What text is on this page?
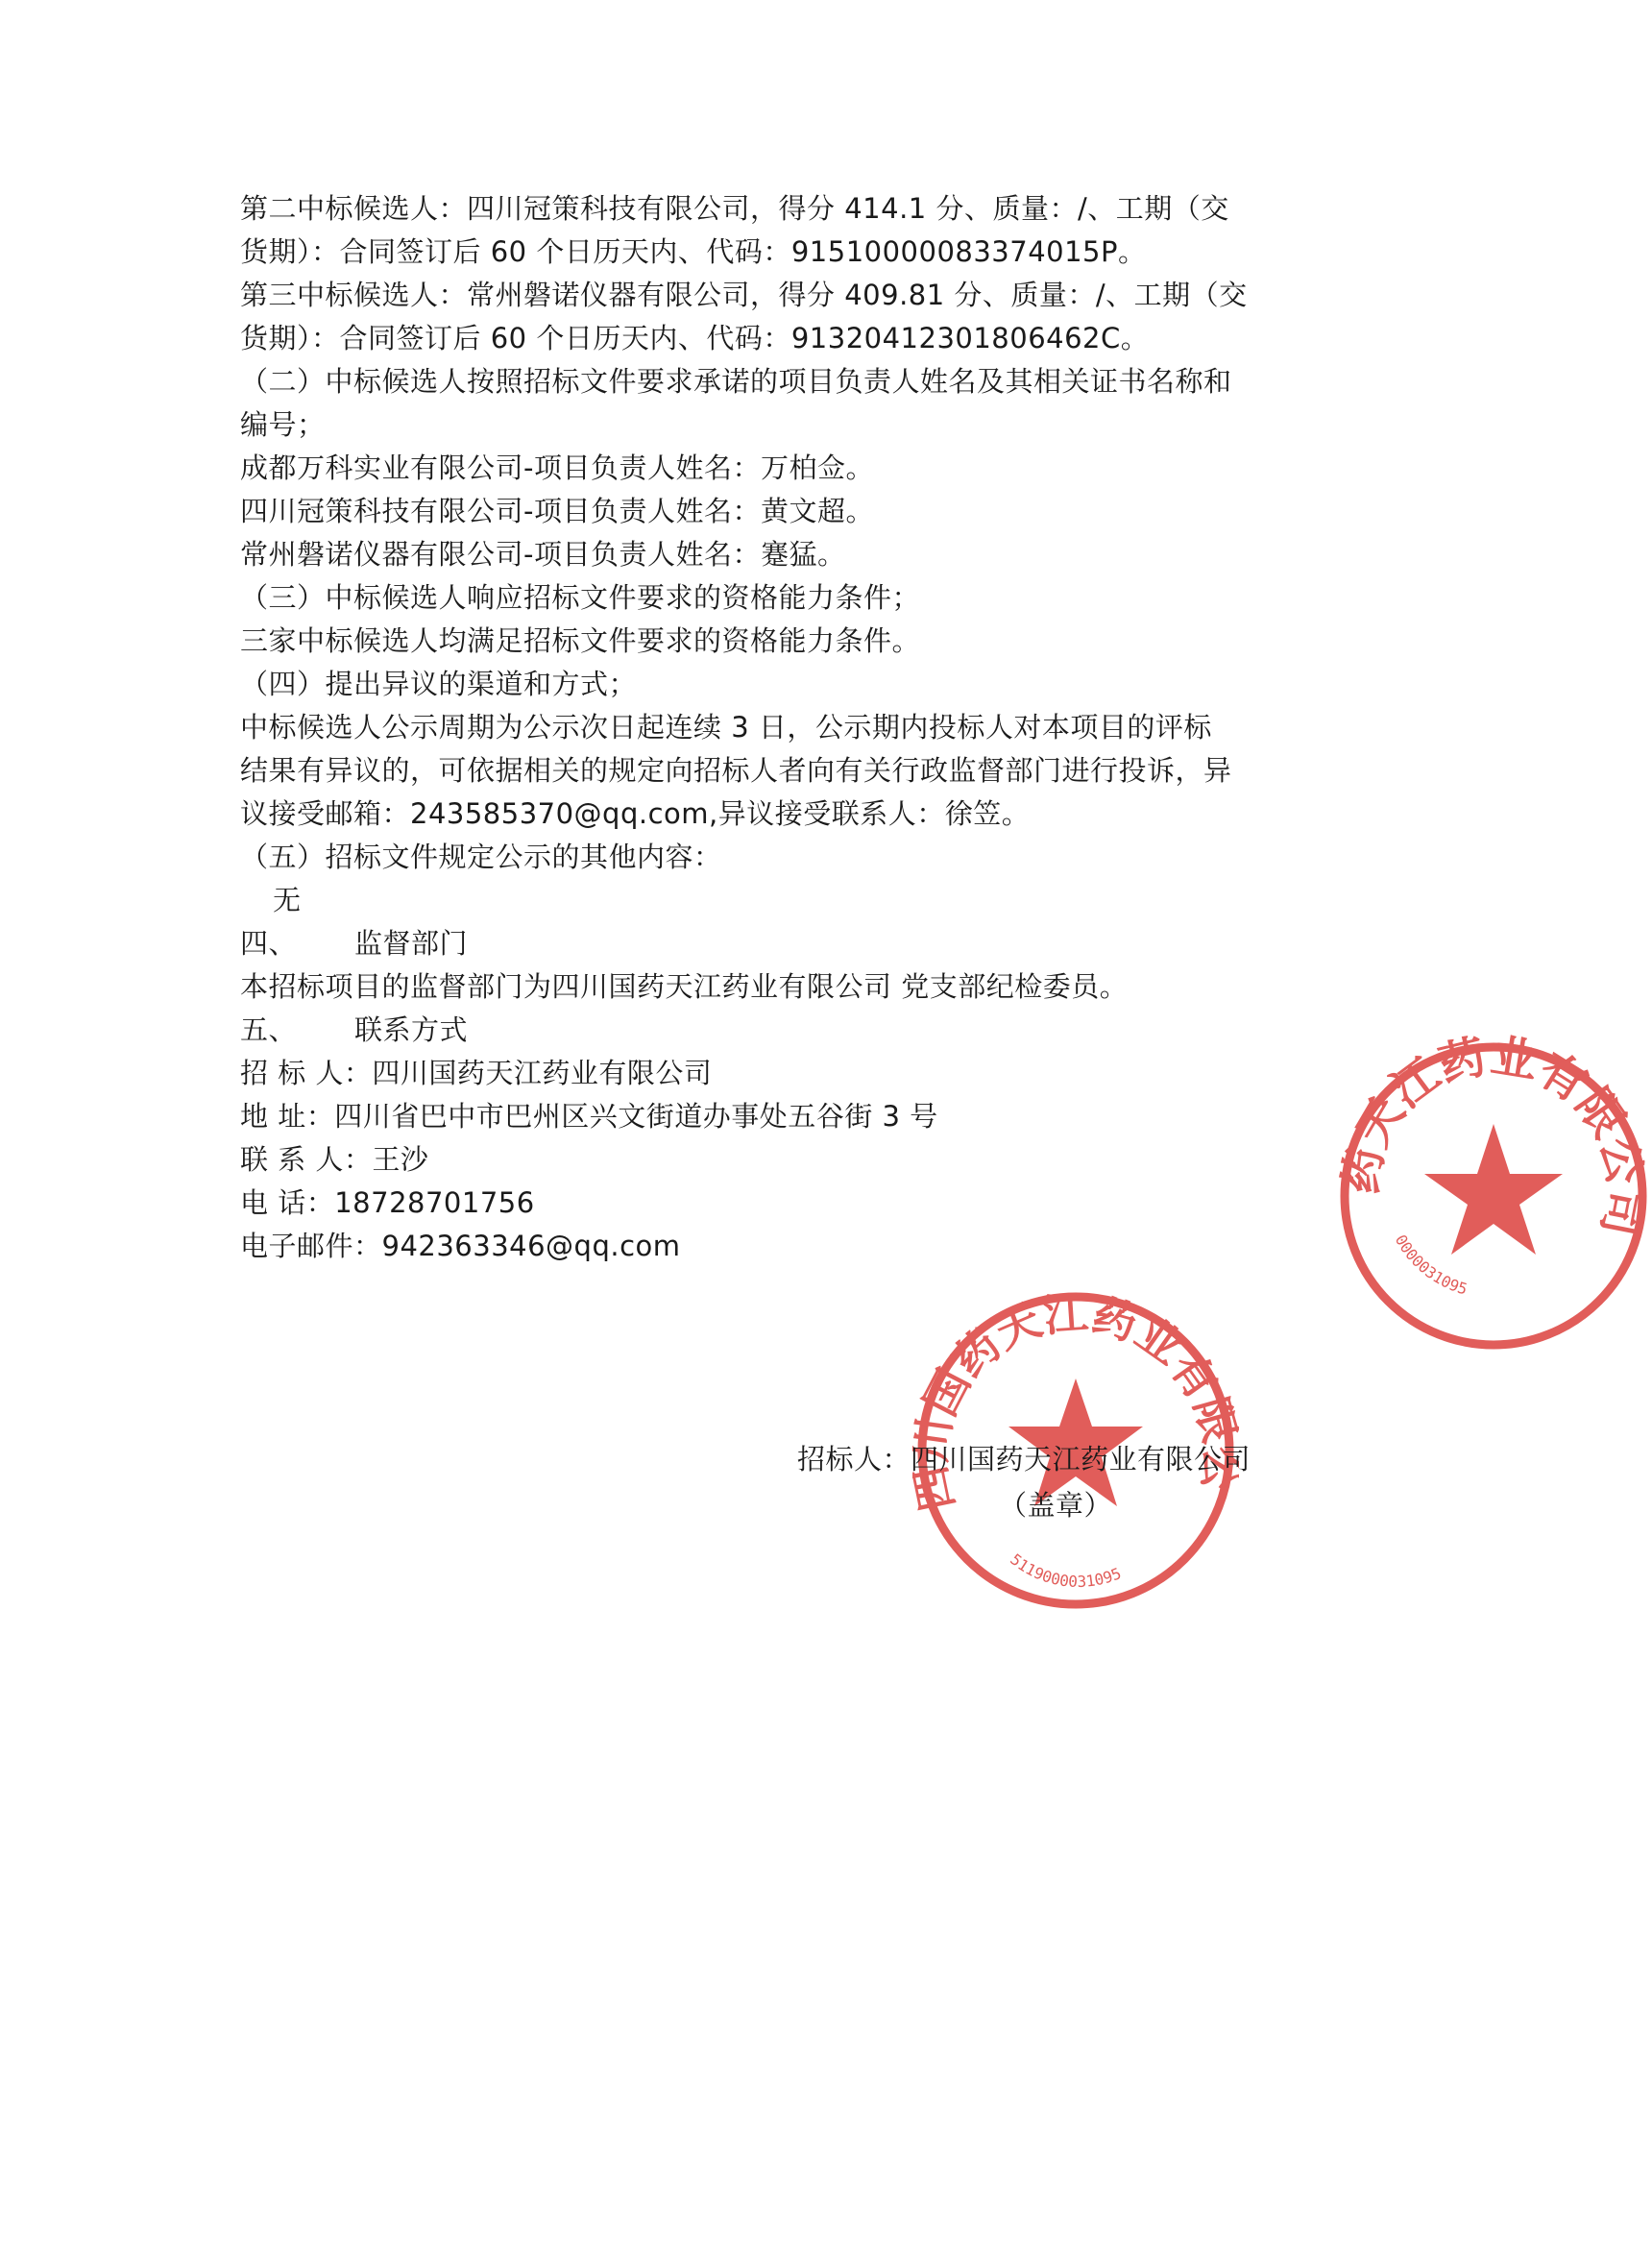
第二中标候选人：四川冠策科技有限公司，得分 414.1 分、质量：/、工期（交
货期）：合同签订后 60 个日历天内、代码：91510000083374015P。
第三中标候选人：常州磐诺仪器有限公司，得分 409.81 分、质量：/、工期（交
货期）：合同签订后 60 个日历天内、代码：91320412301806462C。
（二）中标候选人按照招标文件要求承诺的项目负责人姓名及其相关证书名称和
编号；
成都万科实业有限公司-项目负责人姓名：万柏佥。
四川冠策科技有限公司-项目负责人姓名：黄文超。
常州磐诺仪器有限公司-项目负责人姓名：蹇猛。
（三）中标候选人响应招标文件要求的资格能力条件；
三家中标候选人均满足招标文件要求的资格能力条件。
（四）提出异议的渠道和方式；
中标候选人公示周期为公示次日起连续 3 日，公示期内投标人对本项目的评标
结果有异议的，可依据相关的规定向招标人者向有关行政监督部门进行投诉，异
议接受邮箱：243585370@qq.com,异议接受联系人：徐笠。
（五）招标文件规定公示的其他内容：
无
四、 监督部门
本招标项目的监督部门为四川国药天江药业有限公司 党支部纪检委员。
五、 联系方式
招 标 人：四川国药天江药业有限公司
地 址：四川省巴中市巴州区兴文街道办事处五谷街 3 号
联 系 人：王沙
电 话：18728701756
电子邮件：942363346@qq.com
药天江药业有限公司
0000031095
国药天江药业有
5119000031095
招标人：四川国药天江药业有限公司
（盖章）
